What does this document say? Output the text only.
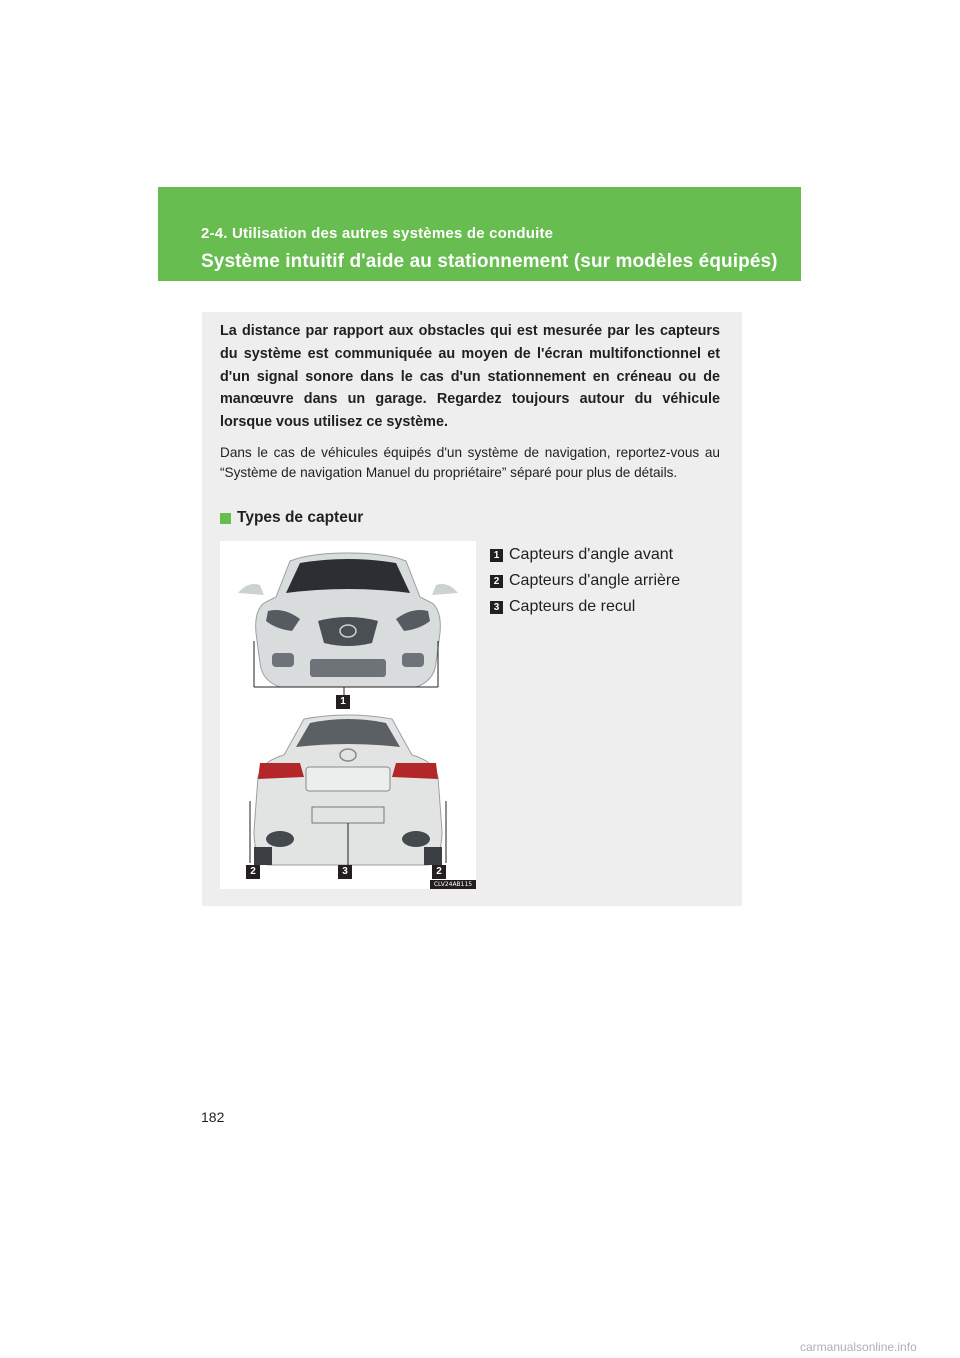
2-4. Utilisation des autres systèmes de conduite
Système intuitif d'aide au stationnement (sur modèles équipés)

La distance par rapport aux obstacles qui est mesurée par les capteurs du système est communiquée au moyen de l'écran multifonctionnel et d'un signal sonore dans le cas d'un stationnement en créneau ou de manœuvre dans un garage. Regardez toujours autour du véhicule lorsque vous utilisez ce système.

Dans le cas de véhicules équipés d'un système de navigation, reportez-vous au “Système de navigation Manuel du propriétaire” séparé pour plus de détails.

Types de capteur
1
2	3	2
CLV24AB115
1 Capteurs d'angle avant
2 Capteurs d'angle arrière
3 Capteurs de recul
182
carmanualsonline.info
